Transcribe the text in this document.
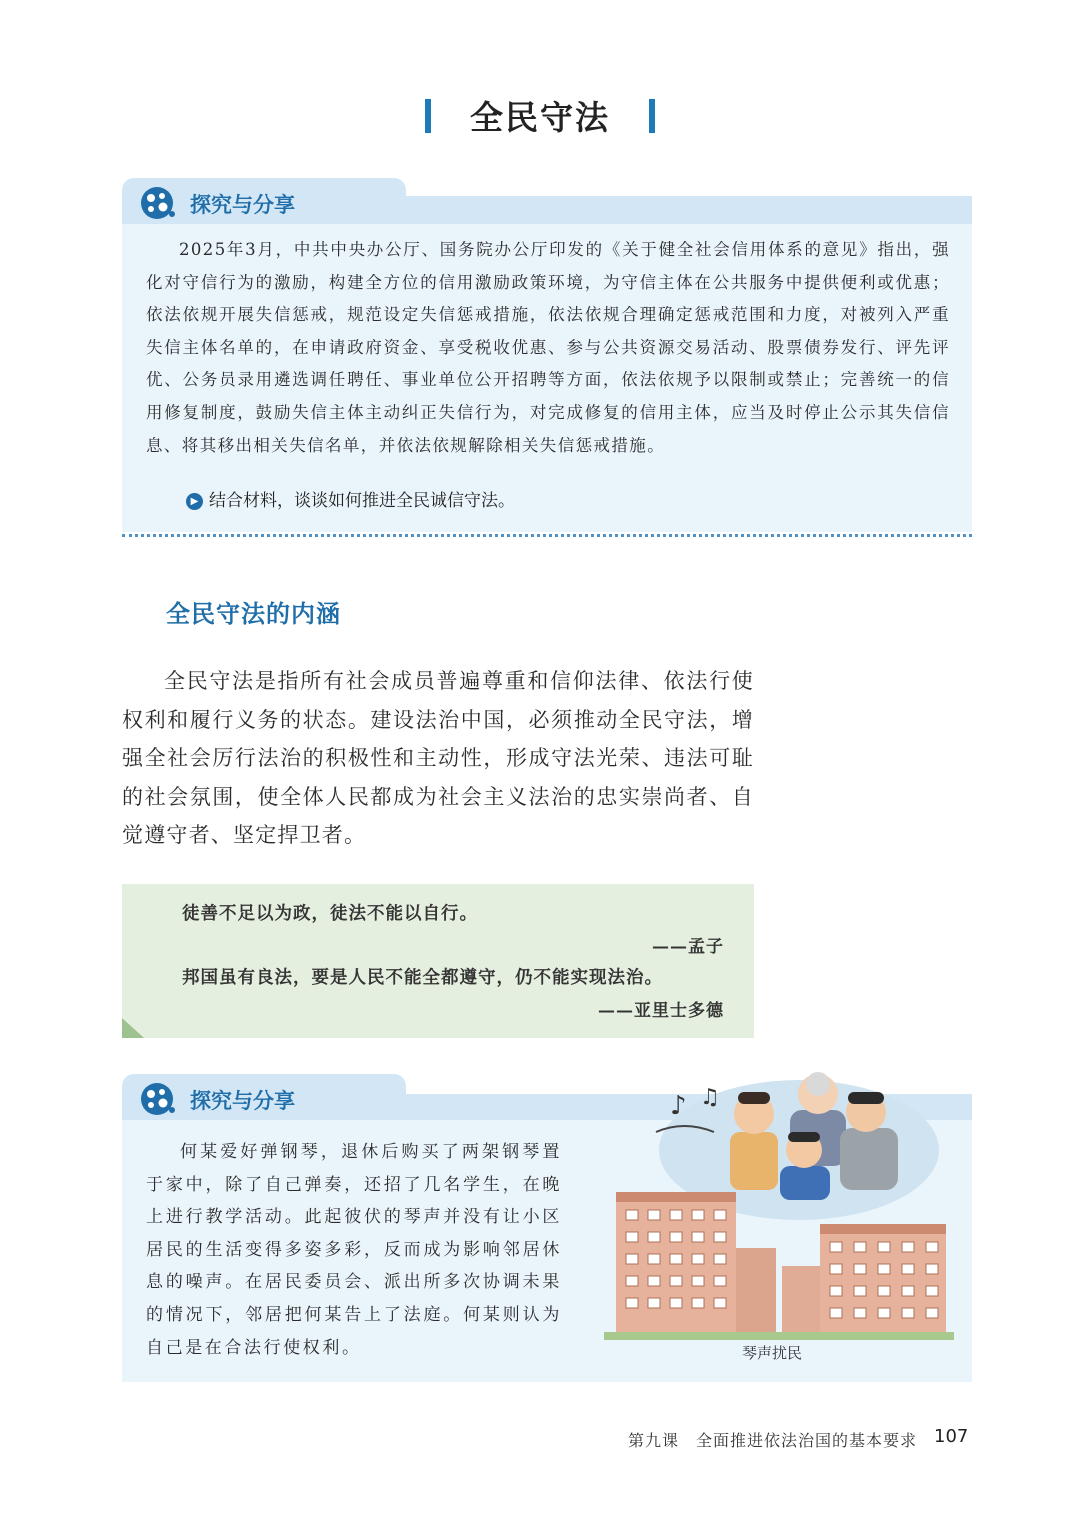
全民守法
探究与分享
2025年3月，中共中央办公厅、国务院办公厅印发的《关于健全社会信用体系的意见》指出，强化对守信行为的激励，构建全方位的信用激励政策环境，为守信主体在公共服务中提供便利或优惠；依法依规开展失信惩戒，规范设定失信惩戒措施，依法依规合理确定惩戒范围和力度，对被列入严重失信主体名单的，在申请政府资金、享受税收优惠、参与公共资源交易活动、股票债券发行、评先评优、公务员录用遴选调任聘任、事业单位公开招聘等方面，依法依规予以限制或禁止；完善统一的信用修复制度，鼓励失信主体主动纠正失信行为，对完成修复的信用主体，应当及时停止公示其失信信息、将其移出相关失信名单，并依法依规解除相关失信惩戒措施。
▶ 结合材料，谈谈如何推进全民诚信守法。
全民守法的内涵
全民守法是指所有社会成员普遍尊重和信仰法律、依法行使权利和履行义务的状态。建设法治中国，必须推动全民守法，增强全社会厉行法治的积极性和主动性，形成守法光荣、违法可耻的社会氛围，使全体人民都成为社会主义法治的忠实崇尚者、自觉遵守者、坚定捍卫者。
徒善不足以为政，徒法不能以自行。
——孟子
邦国虽有良法，要是人民不能全都遵守，仍不能实现法治。
——亚里士多德
探究与分享
何某爱好弹钢琴，退休后购买了两架钢琴置于家中，除了自己弹奏，还招了几名学生，在晚上进行教学活动。此起彼伏的琴声并没有让小区居民的生活变得多姿多彩，反而成为影响邻居休息的噪声。在居民委员会、派出所多次协调未果的情况下，邻居把何某告上了法庭。何某则认为自己是在合法行使权利。
♪ ♫
琴声扰民
第九课　全面推进依法治国的基本要求 107
